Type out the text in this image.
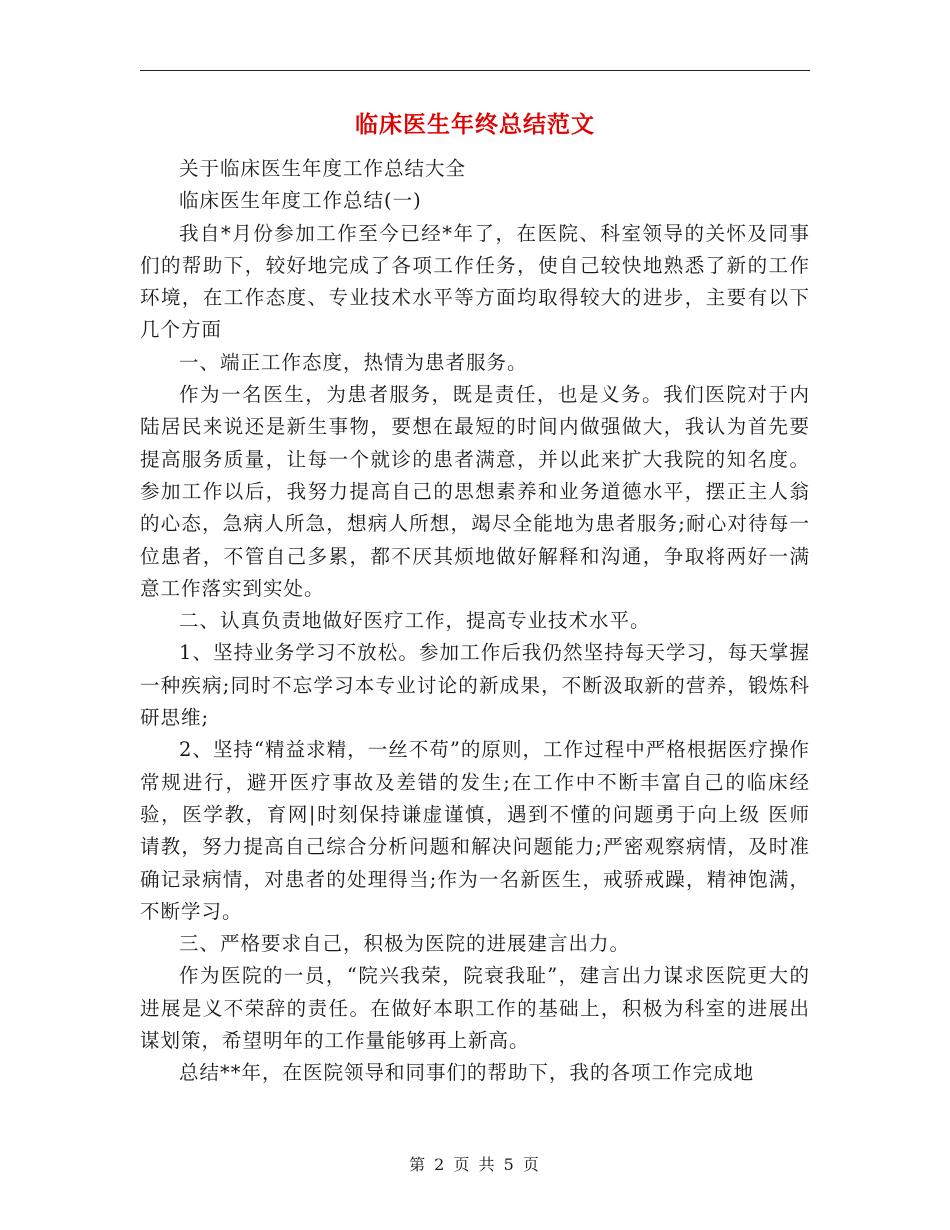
临床医生年终总结范文

关于临床医生年度工作总结大全

临床医生年度工作总结(一)

我自*月份参加工作至今已经*年了，在医院、科室领导的关怀及同事们的帮助下，较好地完成了各项工作任务，使自己较快地熟悉了新的工作环境，在工作态度、专业技术水平等方面均取得较大的进步，主要有以下几个方面

一、端正工作态度，热情为患者服务。

作为一名医生，为患者服务，既是责任，也是义务。我们医院对于内陆居民来说还是新生事物，要想在最短的时间内做强做大，我认为首先要提高服务质量，让每一个就诊的患者满意，并以此来扩大我院的知名度。参加工作以后，我努力提高自己的思想素养和业务道德水平，摆正主人翁的心态，急病人所急，想病人所想，竭尽全能地为患者服务;耐心对待每一位患者，不管自己多累，都不厌其烦地做好解释和沟通，争取将两好一满意工作落实到实处。

二、认真负责地做好医疗工作，提高专业技术水平。

1、坚持业务学习不放松。参加工作后我仍然坚持每天学习，每天掌握一种疾病;同时不忘学习本专业讨论的新成果，不断汲取新的营养，锻炼科研思维;

2、坚持“精益求精，一丝不苟”的原则，工作过程中严格根据医疗操作常规进行，避开医疗事故及差错的发生;在工作中不断丰富自己的临床经验，医学教，育网|时刻保持谦虚谨慎，遇到不懂的问题勇于向上级 医师请教，努力提高自己综合分析问题和解决问题能力;严密观察病情，及时准确记录病情，对患者的处理得当;作为一名新医生，戒骄戒躁，精神饱满，不断学习。

三、严格要求自己，积极为医院的进展建言出力。

作为医院的一员，“院兴我荣，院衰我耻”，建言出力谋求医院更大的进展是义不荣辞的责任。在做好本职工作的基础上，积极为科室的进展出谋划策，希望明年的工作量能够再上新高。

总结**年，在医院领导和同事们的帮助下，我的各项工作完成地

第 2 页 共 5 页
